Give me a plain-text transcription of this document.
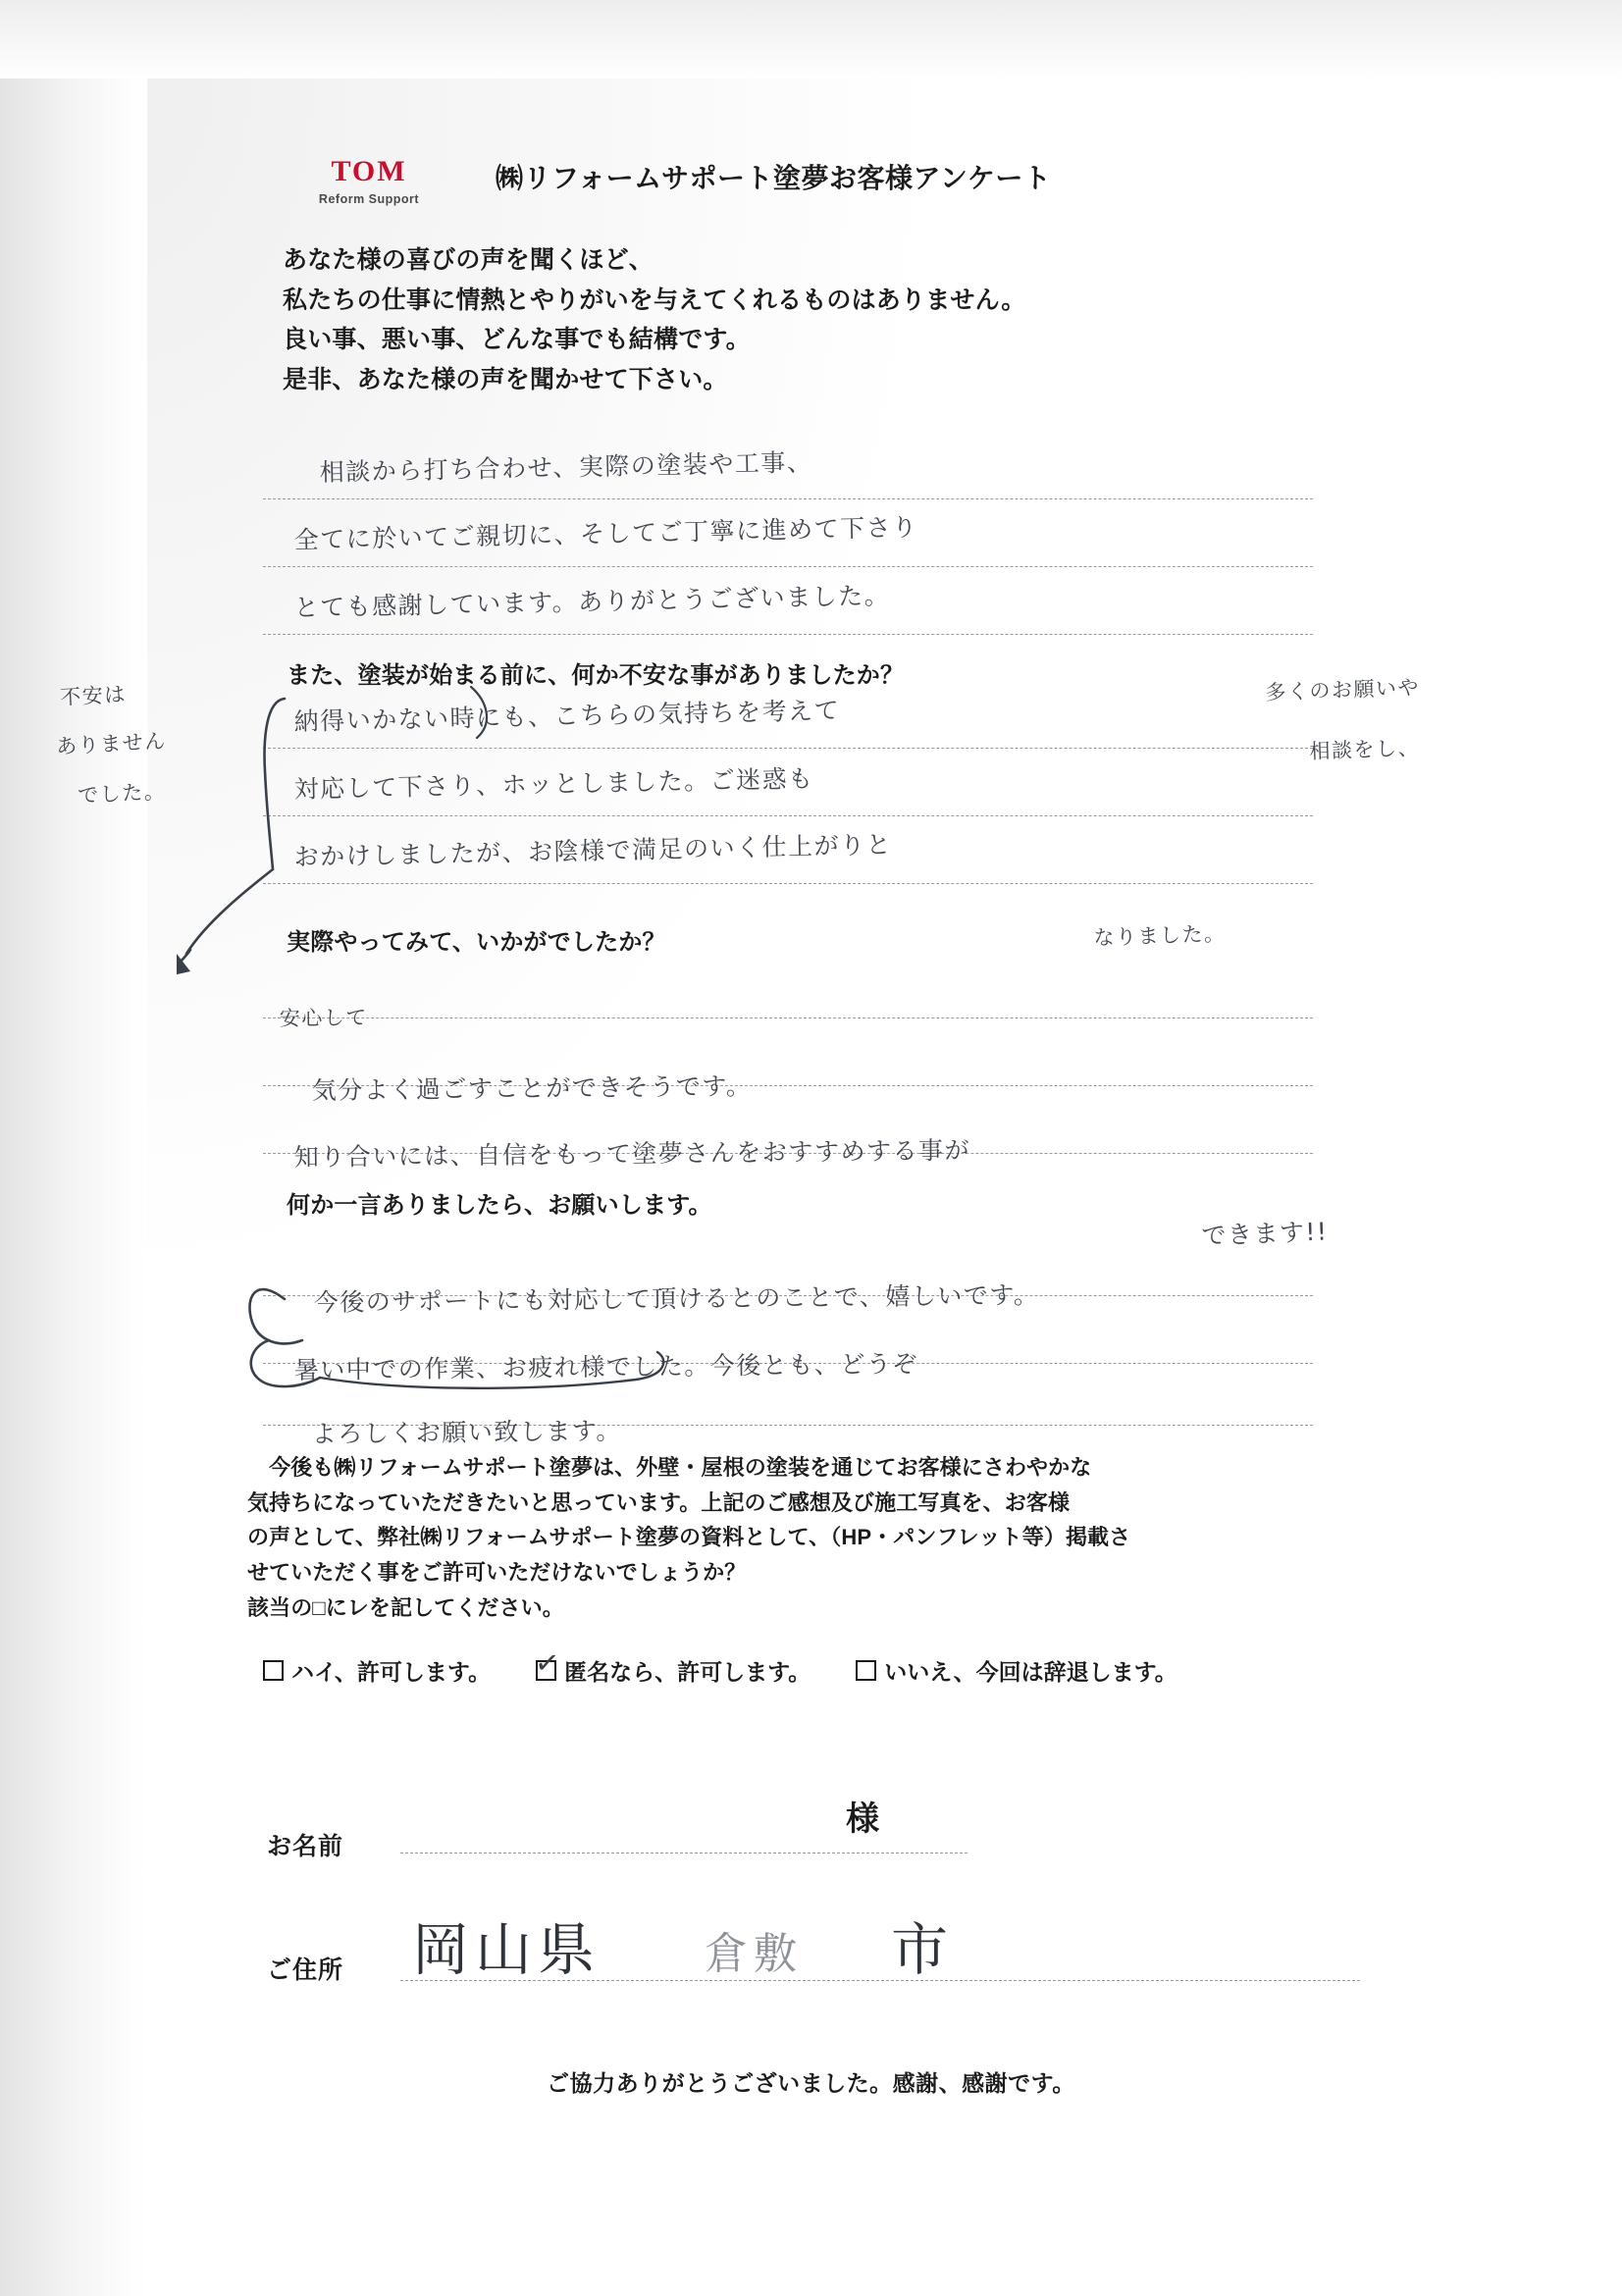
TOM
Reform Support
㈱リフォームサポート塗夢お客様アンケート
あなた様の喜びの声を聞くほど、
私たちの仕事に情熱とやりがいを与えてくれるものはありません。
良い事、悪い事、どんな事でも結構です。
是非、あなた様の声を聞かせて下さい。
相談から打ち合わせ、実際の塗装や工事、
全てに於いてご親切に、そしてご丁寧に進めて下さり
とても感謝しています。ありがとうございました。
また、塗装が始まる前に、何か不安な事がありましたか？
納得いかない時にも、こちらの気持ちを考えて
対応して下さり、ホッとしました。ご迷惑も
おかけしましたが、お陰様で満足のいく仕上がりと
多くのお願いや
相談をし、
なりました。
不安は
ありません
でした。
実際やってみて、いかがでしたか？
安心して
気分よく過ごすことができそうです。
知り合いには、自信をもって塗夢さんをおすすめする事が
できます!!
何か一言ありましたら、お願いします。
今後のサポートにも対応して頂けるとのことで、嬉しいです。
暑い中での作業、お疲れ様でした。今後とも、どうぞ
よろしくお願い致します。

　今後も㈱リフォームサポート塗夢は、外壁・屋根の塗装を通じてお客様にさわやかな

気持ちになっていただきたいと思っています。上記のご感想及び施工写真を、お客様

の声として、弊社㈱リフォームサポート塗夢の資料として、（HP・パンフレット等）掲載さ

せていただく事をご許可いただけないでしょうか？

該当の□にレを記してください。

ハイ、許可します。 ✓ 匿名なら、許可します。	いいえ、今回は辞退します。
お名前
様
ご住所 岡山県 倉敷 市
ご協力ありがとうございました。感謝、感謝です。
